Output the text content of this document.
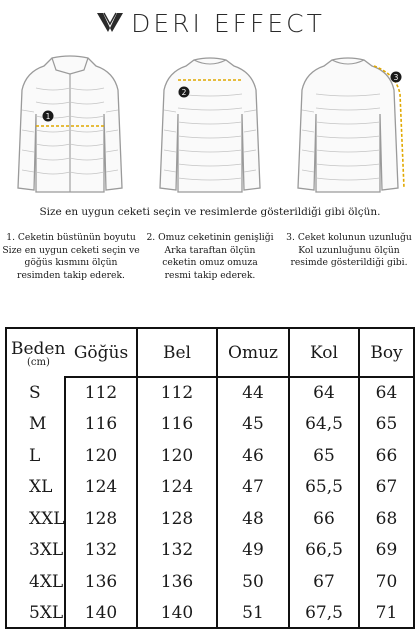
DERI EFFECT
1
2
3
Size en uygun ceketi seçin ve resimlerde gösterildiği gibi ölçün.
1. Ceketin büstünün boyutu
Size en uygun ceketi seçin ve
göğüs kısmını ölçün
resimden takip ederek.
2. Omuz ceketinin genişliği
Arka taraftan ölçün
ceketin omuz omuza
resmi takip ederek.
3. Ceket kolunun uzunluğu
Kol uzunluğunu ölçün
resimde gösterildiği gibi.
Beden
(cm)	Göğüs	Bel	Omuz	Kol	Boy
S	112	112	44	64	64
M	116	116	45	64,5	65
L	120	120	46	65	66
XL	124	124	47	65,5	67
XXL	128	128	48	66	68
3XL	132	132	49	66,5	69
4XL	136	136	50	67	70
5XL	140	140	51	67,5	71
